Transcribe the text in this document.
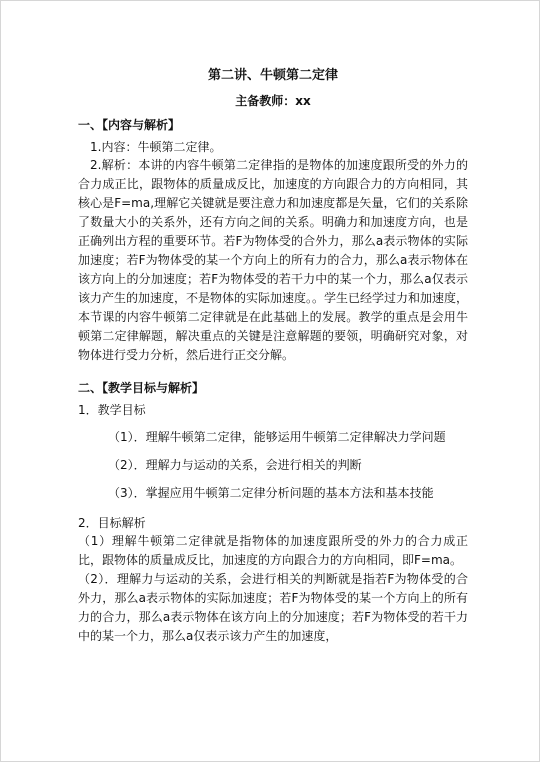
第二讲、牛顿第二定律

主备教师：xx

一、【内容与解析】

1.内容：牛顿第二定律。

2.解析：本讲的内容牛顿第二定律指的是物体的加速度跟所受的外力的合力成正比，跟物体的质量成反比，加速度的方向跟合力的方向相同，其核心是F=ma,理解它关键就是要注意力和加速度都是矢量，它们的关系除了数量大小的关系外，还有方向之间的关系。明确力和加速度方向，也是正确列出方程的重要环节。若F为物体受的合外力，那么a表示物体的实际加速度；若F为物体受的某一个方向上的所有力的合力，那么a表示物体在该方向上的分加速度；若F为物体受的若干力中的某一个力，那么a仅表示该力产生的加速度，不是物体的实际加速度。。学生已经学过力和加速度，本节课的内容牛顿第二定律就是在此基础上的发展。教学的重点是会用牛顿第二定律解题，解决重点的关键是注意解题的要领，明确研究对象，对物体进行受力分析，然后进行正交分解。

二、【教学目标与解析】

1．教学目标

（1）．理解牛顿第二定律，能够运用牛顿第二定律解决力学问题

（2）．理解力与运动的关系，会进行相关的判断

（3）．掌握应用牛顿第二定律分析问题的基本方法和基本技能

2．目标解析

（1）理解牛顿第二定律就是指物体的加速度跟所受的外力的合力成正比，跟物体的质量成反比，加速度的方向跟合力的方向相同，即F=ma。

（2）．理解力与运动的关系，会进行相关的判断就是指若F为物体受的合外力，那么a表示物体的实际加速度；若F为物体受的某一个方向上的所有力的合力，那么a表示物体在该方向上的分加速度；若F为物体受的若干力中的某一个力，那么a仅表示该力产生的加速度，
